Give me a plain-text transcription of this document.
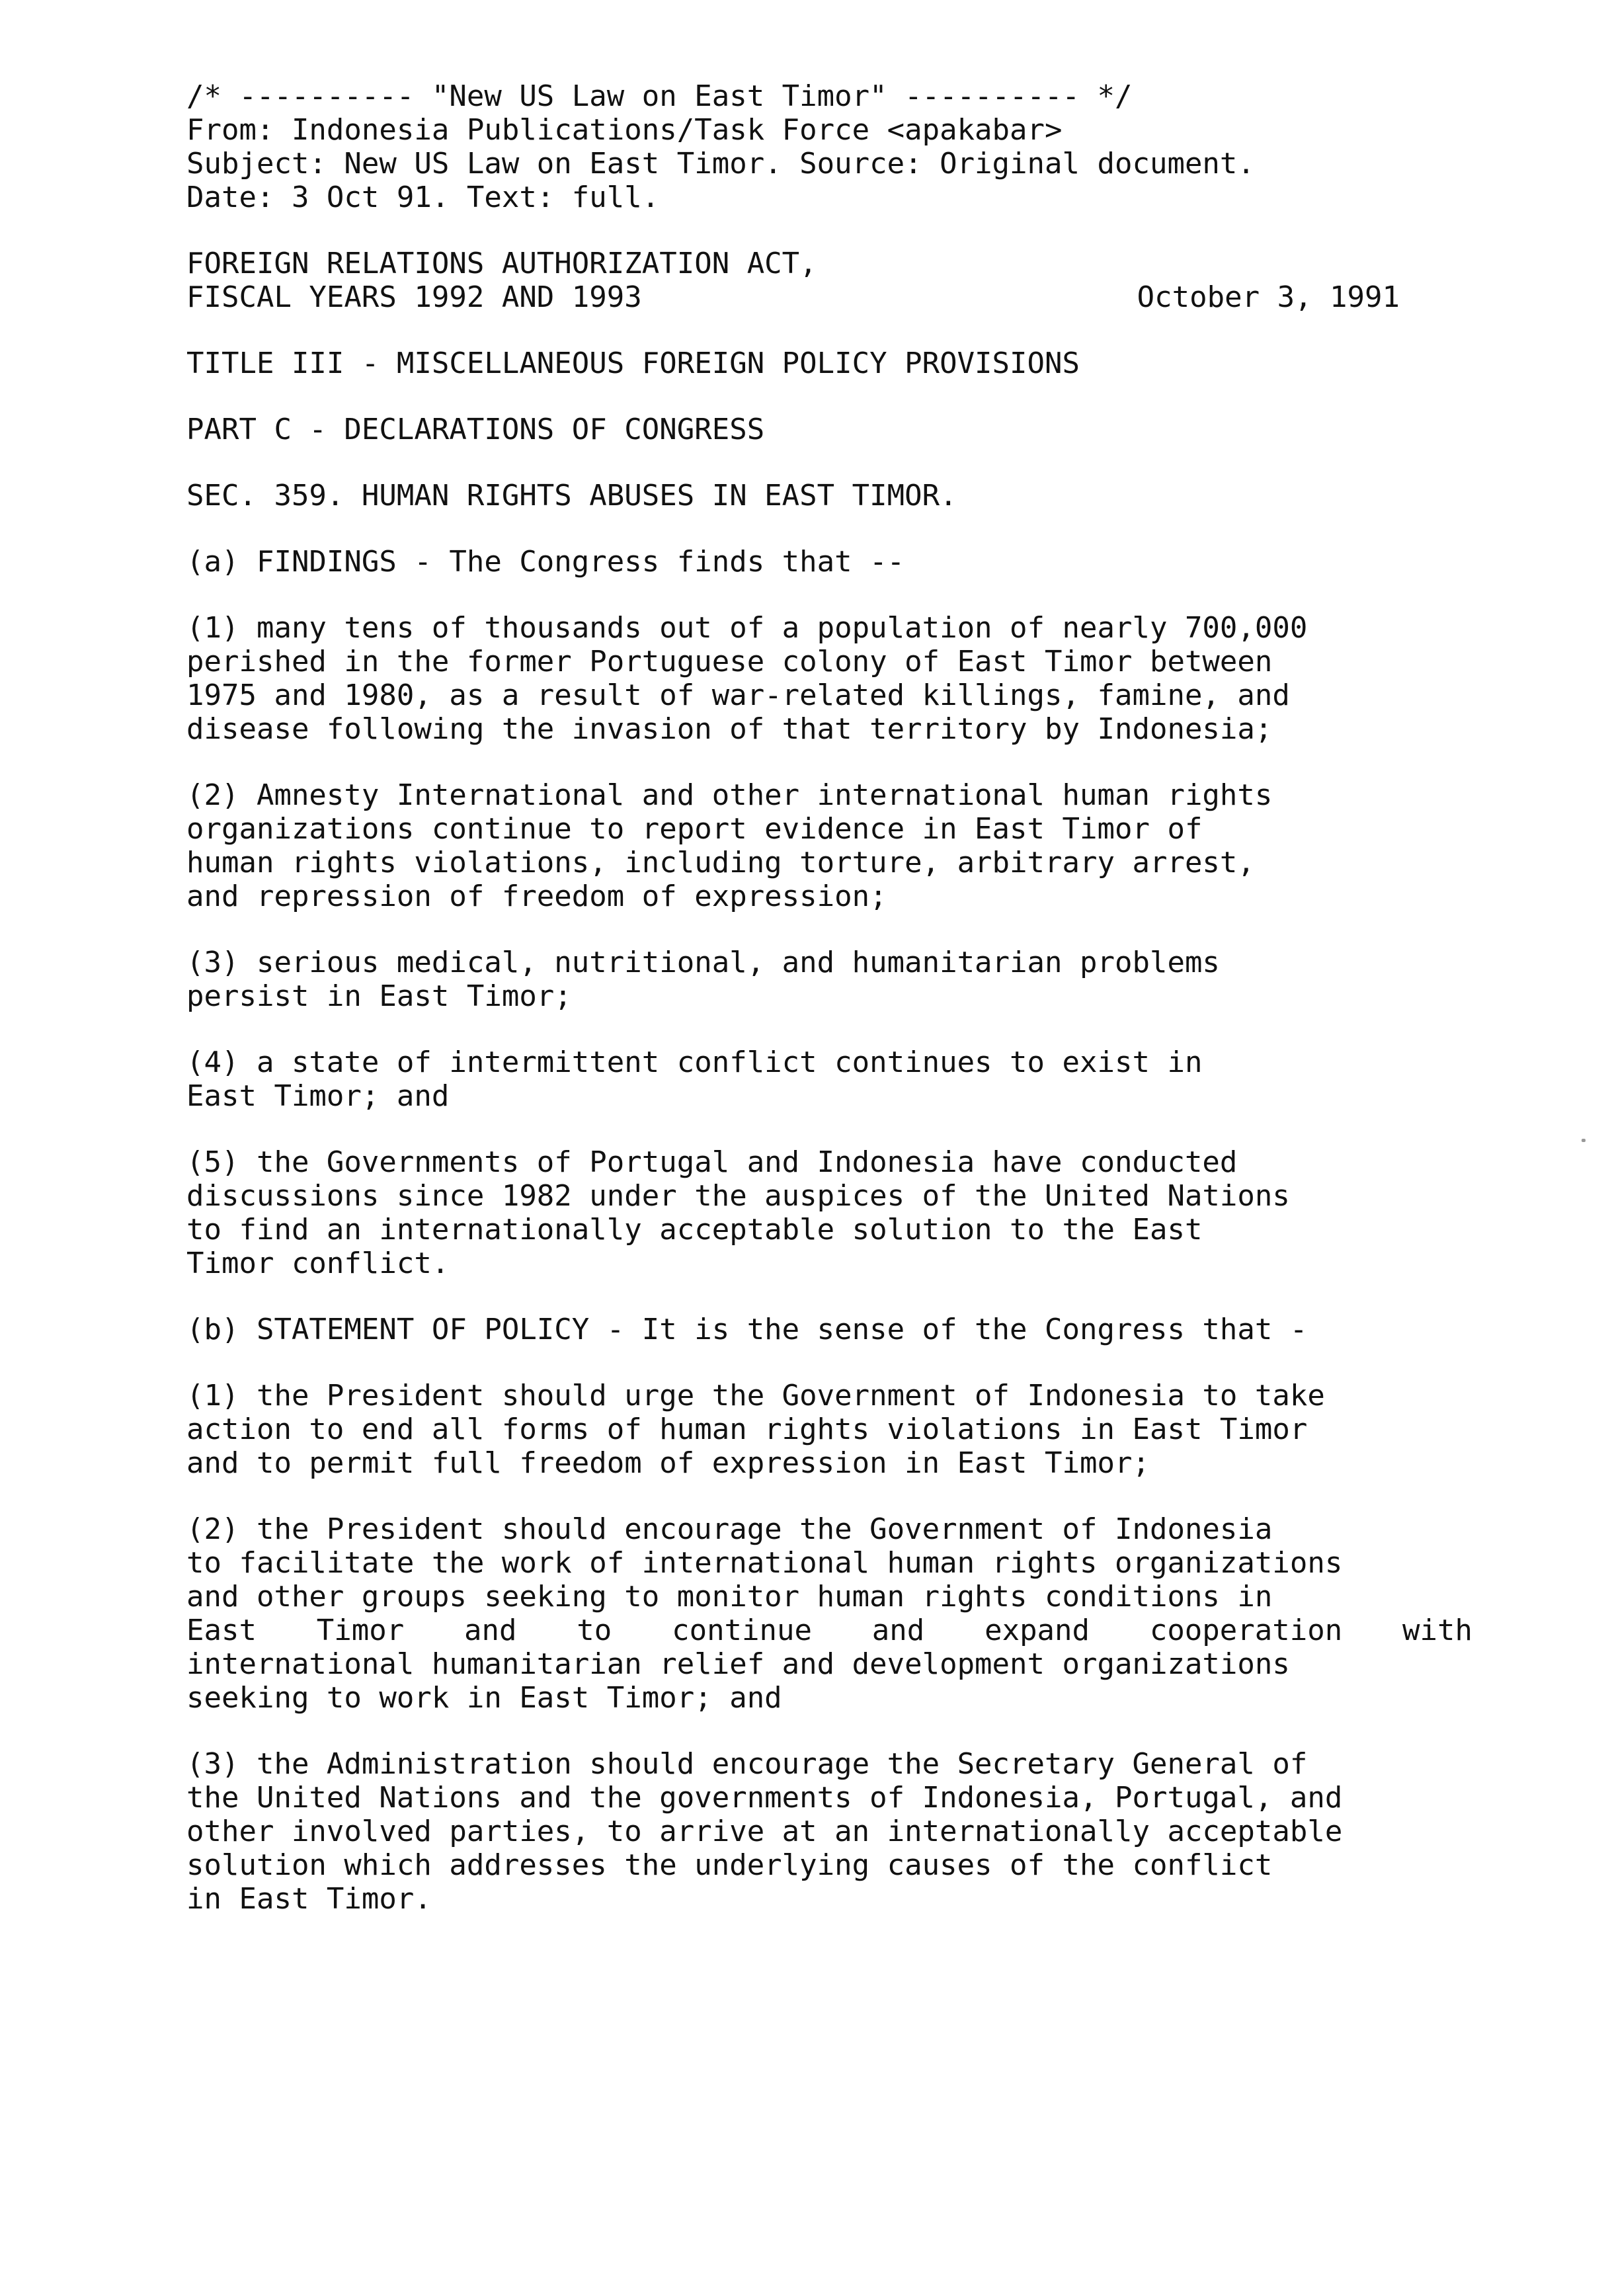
/* ---------- "New US Law on East Timor" ---------- */
From: Indonesia Publications/Task Force <apakabar>
Subject: New US Law on East Timor. Source: Original document.
Date: 3 Oct 91. Text: full.
FOREIGN RELATIONS AUTHORIZATION ACT,
FISCAL YEARS 1992 AND 1993	October 3, 1991
TITLE III - MISCELLANEOUS FOREIGN POLICY PROVISIONS
PART C - DECLARATIONS OF CONGRESS
SEC. 359. HUMAN RIGHTS ABUSES IN EAST TIMOR.
(a) FINDINGS - The Congress finds that --
(1) many tens of thousands out of a population of nearly 700,000
perished in the former Portuguese colony of East Timor between
1975 and 1980, as a result of war-related killings, famine, and
disease following the invasion of that territory by Indonesia;
(2) Amnesty International and other international human rights
organizations continue to report evidence in East Timor of
human rights violations, including torture, arbitrary arrest,
and repression of freedom of expression;
(3) serious medical, nutritional, and humanitarian problems
persist in East Timor;
(4) a state of intermittent conflict continues to exist in
East Timor; and
(5) the Governments of Portugal and Indonesia have conducted
discussions since 1982 under the auspices of the United Nations
to find an internationally acceptable solution to the East
Timor conflict.
(b) STATEMENT OF POLICY - It is the sense of the Congress that -
(1) the President should urge the Government of Indonesia to take
action to end all forms of human rights violations in East Timor
and to permit full freedom of expression in East Timor;
(2) the President should encourage the Government of Indonesia
to facilitate the work of international human rights organizations
and other groups seeking to monitor human rights conditions in
East Timor and to continue and expand cooperation with
international humanitarian relief and development organizations
seeking to work in East Timor; and
(3) the Administration should encourage the Secretary General of
the United Nations and the governments of Indonesia, Portugal, and
other involved parties, to arrive at an internationally acceptable
solution which addresses the underlying causes of the conflict
in East Timor.
